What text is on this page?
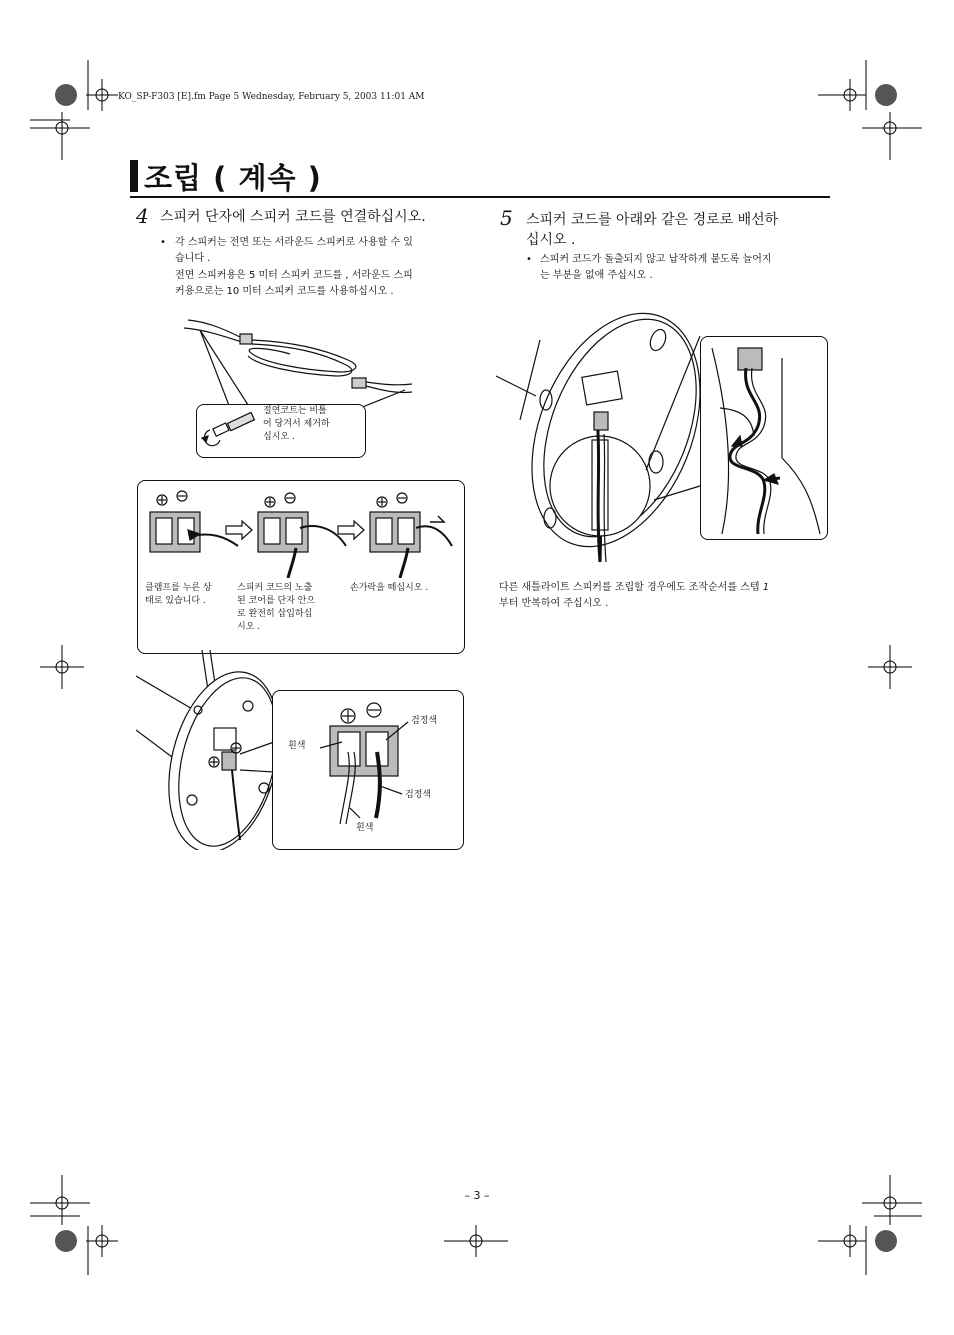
KO_SP-F303 [E].fm Page 5 Wednesday, February 5, 2003 11:01 AM
조립 ( 계속 )
4 스피커 단자에 스피커 코드를 연결하십시오.
• 각 스피커는 전면 또는 서라운드 스피커로 사용할 수 있
습니다 .
전면 스피커용은 5 미터 스피커 코드를 , 서라운드 스피
커용으로는 10 미터 스피커 코드를 사용하십시오 .
절연코트는 비틀
어 당겨서 제거하
십시오 .
클램프를 누른 상
태로 있습니다 .
스피커 코드의 노출
된 코어를 단자 안으
로 완전히 삽입하십
시오 .
손가락을 떼십시오 .
흰색
검정색
검정색
흰색
5 스피커 코드를 아래와 같은 경로로 배선하
십시오 .
• 스피커 코드가 돌출되지 않고 납작하게 붙도록 늘어지
는 부분을 없애 주십시오 .
다른 새틀라이트 스피커를 조립할 경우에도 조작순서를 스텝 1
부터 반복하여 주십시오 .
– 3 –
